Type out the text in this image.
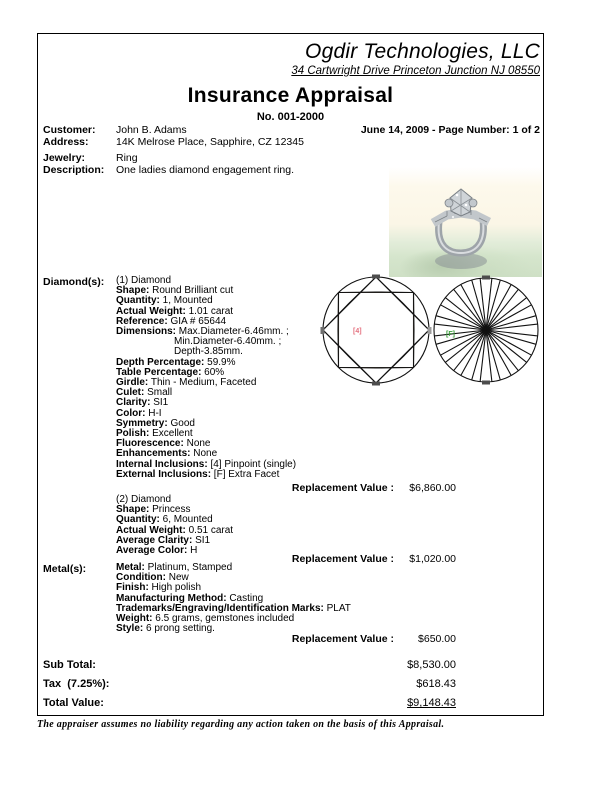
Ogdir Technologies, LLC
34 Cartwright Drive Princeton Junction NJ 08550
Insurance Appraisal
No. 001-2000
Customer:	John B. Adams
Address:	14K Melrose Place, Sapphire, CZ 12345
June 14, 2009 - Page Number: 1 of 2
Jewelry:	Ring
Description:	One ladies diamond engagement ring.
Diamond(s): (1) Diamond
Shape: Round Brilliant cut
Quantity: 1, Mounted
Actual Weight: 1.01 carat
Reference: GIA # 65644
Dimensions: Max.Diameter-6.46mm. ;
Min.Diameter-6.40mm. ;
Depth-3.85mm.
Depth Percentage: 59.9%
Table Percentage: 60%
Girdle: Thin - Medium, Faceted
Culet: Small
Clarity: SI1
Color: H-I
Symmetry: Good
Polish: Excellent
Fluorescence: None
Enhancements: None
Internal Inclusions: [4] Pinpoint (single)
External Inclusions: [F] Extra Facet
[4]	[F]
Replacement Value :	$6,860.00
(2) Diamond
Shape: Princess
Quantity: 6, Mounted
Actual Weight: 0.51 carat
Average Clarity: SI1
Average Color: H
Replacement Value :	$1,020.00
Metal(s):	Metal: Platinum, Stamped
Condition: New
Finish: High polish
Manufacturing Method: Casting
Trademarks/Engraving/Identification Marks: PLAT
Weight: 6.5 grams, gemstones included
Style: 6 prong setting.
Replacement Value :	$650.00
Sub Total:	$8,530.00
Tax  (7.25%):	$618.43
Total Value:	$9,148.43
The appraiser assumes no liability regarding any action taken on the basis of this Appraisal.
